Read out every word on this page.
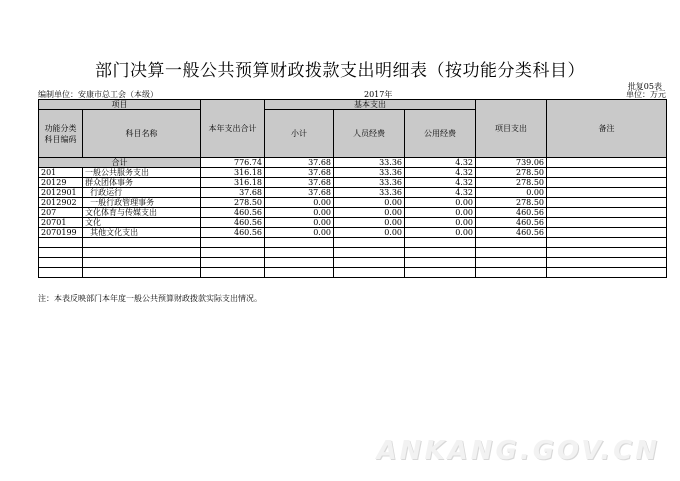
部门决算一般公共预算财政拨款支出明细表（按功能分类科目）
批复05表
编制单位：安康市总工会（本级）	2017年	单位：万元
项目		本年支出合计	基本支出			项目支出	备注
功能分类科目编码	科目名称		小计	人员经费	公用经费		
合计		776.74	37.68	33.36	4.32	739.06	
201	一般公共服务支出	316.18	37.68	33.36	4.32	278.50	
20129	群众团体事务	316.18	37.68	33.36	4.32	278.50	
2012901	行政运行	37.68	37.68	33.36	4.32	0.00	
2012902	一般行政管理事务	278.50	0.00	0.00	0.00	278.50	
207	文化体育与传媒支出	460.56	0.00	0.00	0.00	460.56	
20701	文化	460.56	0.00	0.00	0.00	460.56	
2070199	其他文化支出	460.56	0.00	0.00	0.00	460.56	

注：本表反映部门本年度一般公共预算财政拨款实际支出情况。
ANKANG.GOV.CN
